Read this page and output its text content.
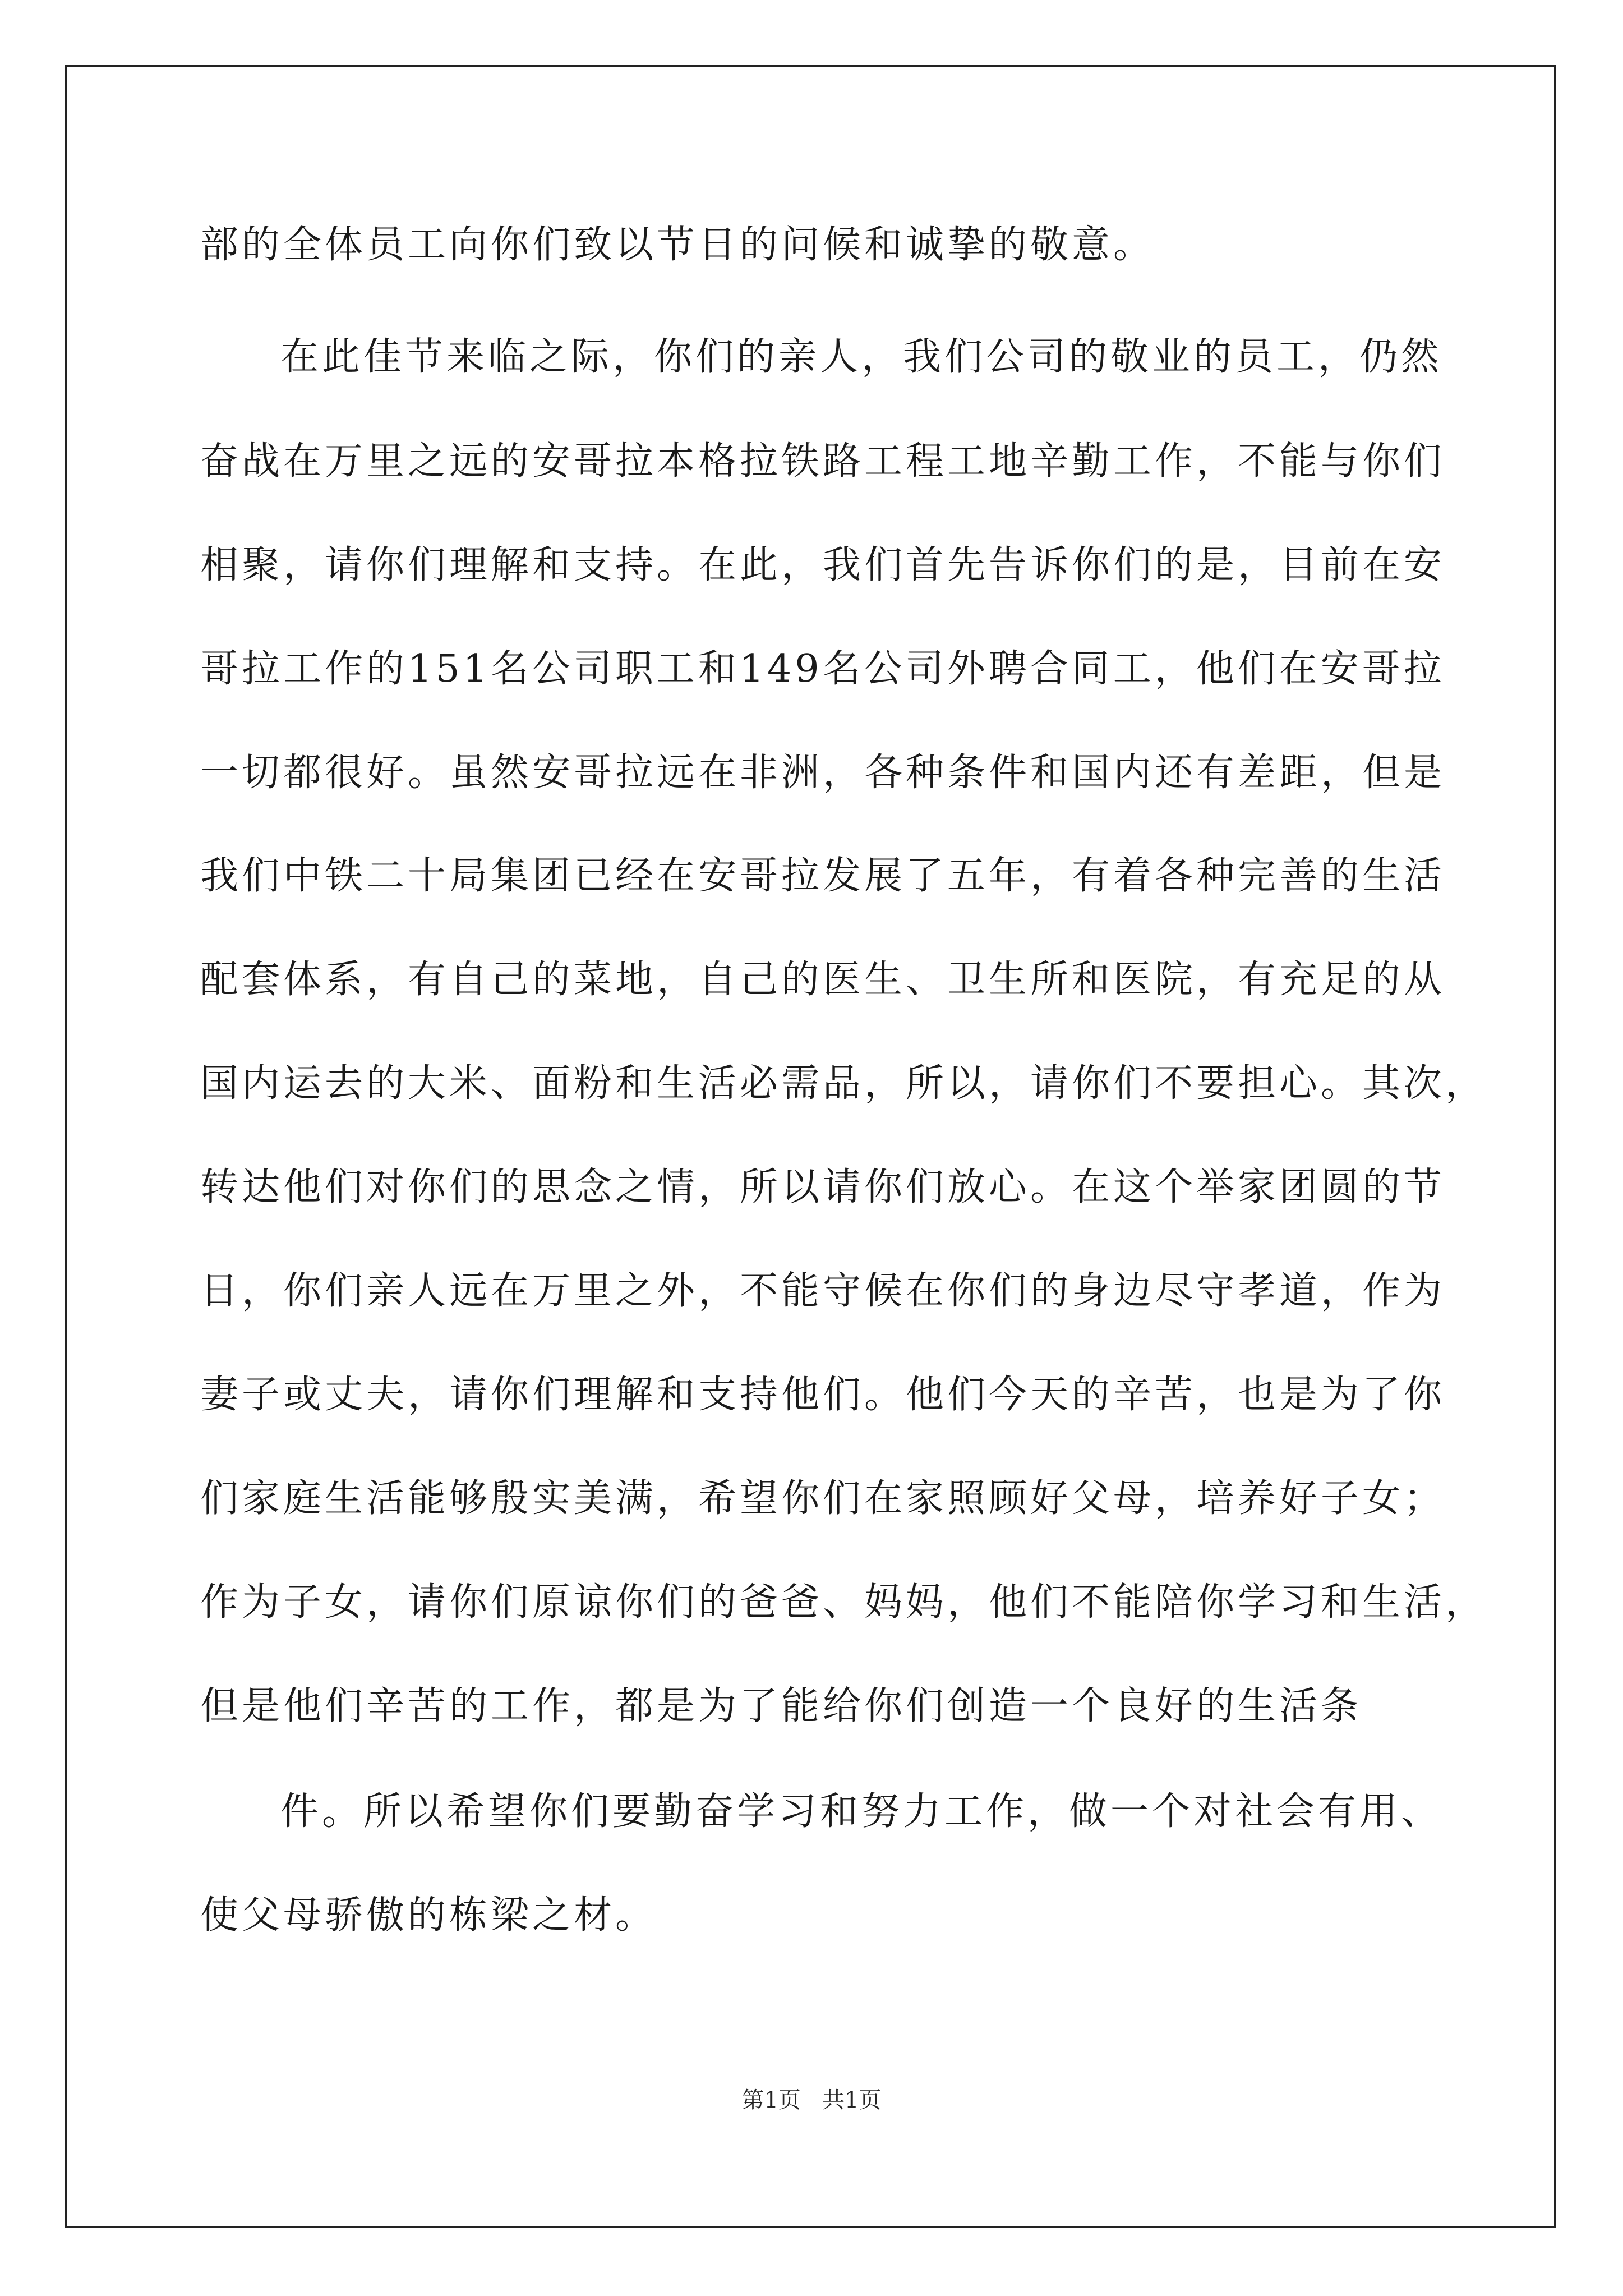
部的全体员工向你们致以节日的问候和诚挚的敬意。
在此佳节来临之际，你们的亲人，我们公司的敬业的员工，仍然
奋战在万里之远的安哥拉本格拉铁路工程工地辛勤工作，不能与你们
相聚，请你们理解和支持。在此，我们首先告诉你们的是，目前在安
哥拉工作的151名公司职工和149名公司外聘合同工，他们在安哥拉
一切都很好。虽然安哥拉远在非洲，各种条件和国内还有差距，但是
我们中铁二十局集团已经在安哥拉发展了五年，有着各种完善的生活
配套体系，有自己的菜地，自己的医生、卫生所和医院，有充足的从
国内运去的大米、面粉和生活必需品，所以，请你们不要担心。其次，
转达他们对你们的思念之情，所以请你们放心。在这个举家团圆的节
日，你们亲人远在万里之外，不能守候在你们的身边尽守孝道，作为
妻子或丈夫，请你们理解和支持他们。他们今天的辛苦，也是为了你
们家庭生活能够殷实美满，希望你们在家照顾好父母，培养好子女；
作为子女，请你们原谅你们的爸爸、妈妈，他们不能陪你学习和生活，
但是他们辛苦的工作，都是为了能给你们创造一个良好的生活条
件。所以希望你们要勤奋学习和努力工作，做一个对社会有用、
使父母骄傲的栋梁之材。
第1页   共1页
